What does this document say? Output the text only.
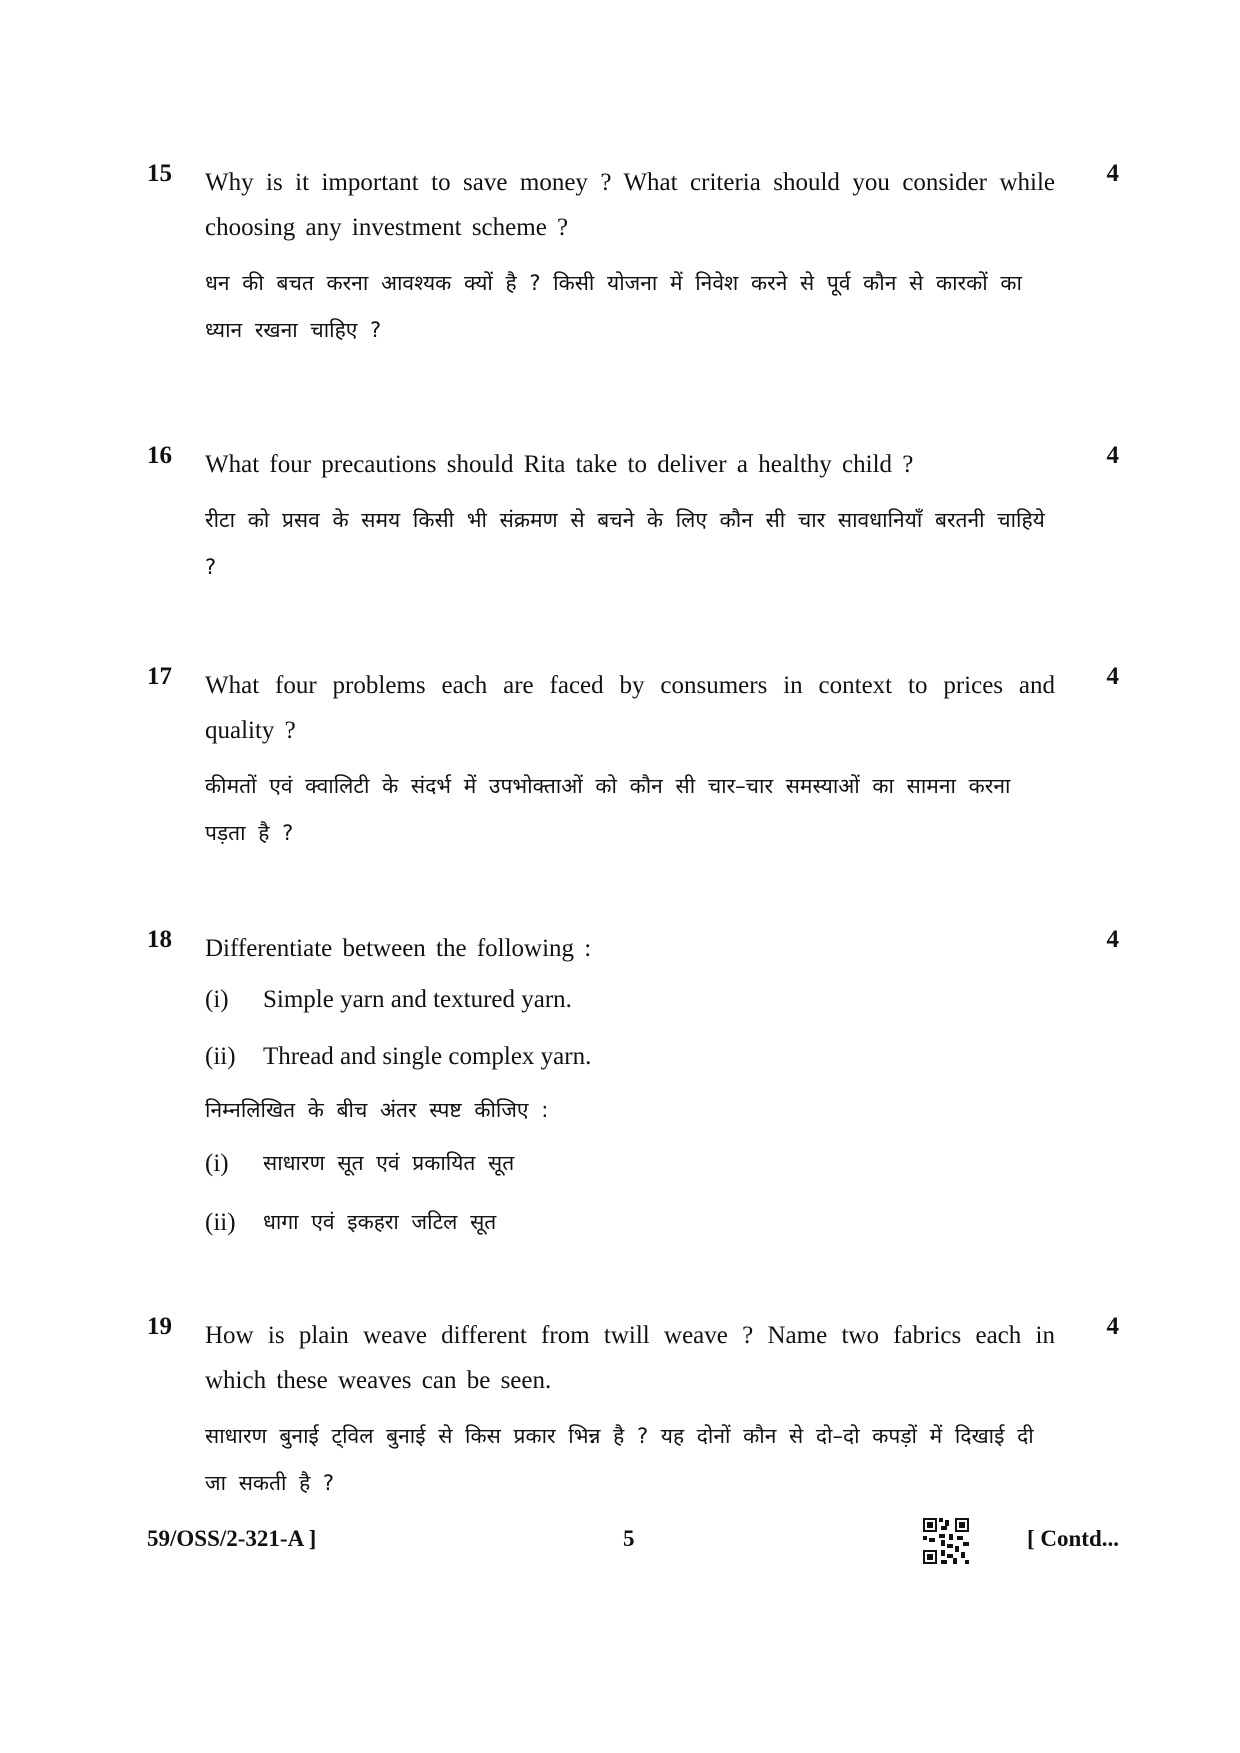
15	4

Why is it important to save money ? What criteria should you consider while choosing any investment scheme ?

धन की बचत करना आवश्यक क्यों है ? किसी योजना में निवेश करने से पूर्व कौन से कारकों का ध्यान रखना चाहिए ?

16	4

What four precautions should Rita take to deliver a healthy child ?

रीटा को प्रसव के समय किसी भी संक्रमण से बचने के लिए कौन सी चार सावधानियाँ बरतनी चाहिये ?

17	4

What four problems each are faced by consumers in context to prices and quality ?

कीमतों एवं क्वालिटी के संदर्भ में उपभोक्ताओं को कौन सी चार–चार समस्याओं का सामना करना पड़ता है ?

18	4

Differentiate between the following :

(i)	Simple yarn and textured yarn.
(ii)	Thread and single complex yarn.

निम्नलिखित के बीच अंतर स्पष्ट कीजिए :

(i)	साधारण सूत एवं प्रकायित सूत
(ii)	धागा एवं इकहरा जटिल सूत
19	4

How is plain weave different from twill weave ? Name two fabrics each in which these weaves can be seen.

साधारण बुनाई ट्विल बुनाई से किस प्रकार भिन्न है ? यह दोनों कौन से दो–दो कपड़ों में दिखाई दी जा सकती है ?

59/OSS/2-321-A ]	5	[ Contd...
